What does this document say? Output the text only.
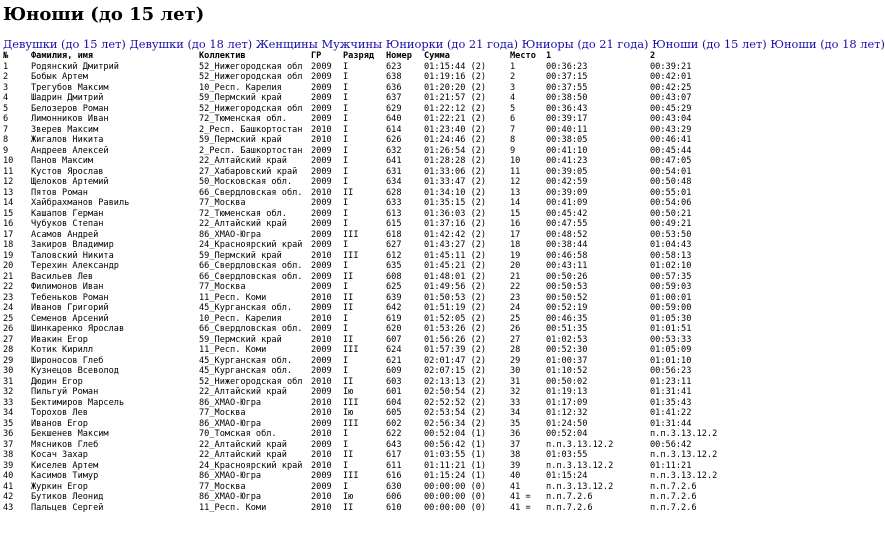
Юноши (до 15 лет)
Девушки (до 15 лет) Девушки (до 18 лет) Женщины Мужчины Юниорки (до 21 года) Юниоры (до 21 года) Юноши (до 15 лет) Юноши (до 18 лет)
№	Фамилия, имя	Коллектив	ГР	Разряд	Номер	Сумма	Место	1	2
1	Родянский Дмитрий	52_Нижегородская обл 2009	I	623	01:15:44 (2)	1	00:36:23	00:39:21
2	Бобык Артем	52_Нижегородская обл 2009	I	638	01:19:16 (2)	2	00:37:15	00:42:01
3	Трегубов Максим	10_Респ. Карелия	2009	I	636	01:20:20 (2)	3	00:37:55	00:42:25
4	Шадрин Дмитрий	59_Пермский край	2009	I	637	01:21:57 (2)	4	00:38:50	00:43:07
5	Белозеров Роман	52_Нижегородская обл 2009	I	629	01:22:12 (2)	5	00:36:43	00:45:29
6	Лимонников Иван	72_Тюменская обл.	2009	I	640	01:22:21 (2)	6	00:39:17	00:43:04
7	Зверев Максим	2_Респ. Башкортостан 2010	I	614	01:23:40 (2)	7	00:40:11	00:43:29
8	Жигалов Никита	59_Пермский край	2010	I	626	01:24:46 (2)	8	00:38:05	00:46:41
9	Андреев Алексей	2_Респ. Башкортостан 2009	I	632	01:26:54 (2)	9	00:41:10	00:45:44
10	Панов Максим	22_Алтайский край	2009	I	641	01:28:28 (2)	10	00:41:23	00:47:05
11	Кустов Ярослав	27_Хабаровский край	2009	I	631	01:33:06 (2)	11	00:39:05	00:54:01
12	Щелоков Артемий	50_Московская обл.	2009	I	634	01:33:47 (2)	12	00:42:59	00:50:48
13	Пятов Роман	66_Свердловская обл. 2010	II	628	01:34:10 (2)	13	00:39:09	00:55:01
14	Хайбрахманов Равиль	77_Москва	2009	I	633	01:35:15 (2)	14	00:41:09	00:54:06
15	Кашапов Герман	72_Тюменская обл.	2009	I	613	01:36:03 (2)	15	00:45:42	00:50:21
16	Чубуков Степан	22_Алтайский край	2009	I	615	01:37:16 (2)	16	00:47:55	00:49:21
17	Асамов Андрей	86_ХМАО-Югра	2009	III	618	01:42:42 (2)	17	00:48:52	00:53:50
18	Закиров Владимир	24_Красноярский край 2009	I	627	01:43:27 (2)	18	00:38:44	01:04:43
19	Таловский Никита	59_Пермский край	2010	III	612	01:45:11 (2)	19	00:46:58	00:58:13
20	Терехин Александр	66_Свердловская обл. 2009	I	635	01:45:21 (2)	20	00:43:11	01:02:10
21	Васильев Лев	66_Свердловская обл. 2009	II	608	01:48:01 (2)	21	00:50:26	00:57:35
22	Филимонов Иван	77_Москва	2009	I	625	01:49:56 (2)	22	00:50:53	00:59:03
23	Тебеньков Роман	11_Респ. Коми	2010	II	639	01:50:53 (2)	23	00:50:52	01:00:01
24	Иванов Григорий	45_Курганская обл.	2009	II	642	01:51:19 (2)	24	00:52:19	00:59:00
25	Семенов Арсений	10_Респ. Карелия	2010	I	619	01:52:05 (2)	25	00:46:35	01:05:30
26	Шинкаренко Ярослав	66_Свердловская обл. 2009	I	620	01:53:26 (2)	26	00:51:35	01:01:51
27	Ивакин Егор	59_Пермский край	2010	II	607	01:56:26 (2)	27	01:02:53	00:53:33
28	Котик Кирилл	11_Респ. Коми	2009	III	624	01:57:39 (2)	28	00:52:30	01:05:09
29	Широносов Глеб	45_Курганская обл.	2009	I	621	02:01:47 (2)	29	01:00:37	01:01:10
30	Кузнецов Всеволод	45_Курганская обл.	2009	I	609	02:07:15 (2)	30	01:10:52	00:56:23
31	Дюдин Егор	52_Нижегородская обл 2010	II	603	02:13:13 (2)	31	00:50:02	01:23:11
32	Пильгуй Роман	22_Алтайский край	2009	Iю	601	02:50:54 (2)	32	01:19:13	01:31:41
33	Бектимиров Марсель	86_ХМАО-Югра	2010	III	604	02:52:52 (2)	33	01:17:09	01:35:43
34	Торохов Лев	77_Москва	2010	Iю	605	02:53:54 (2)	34	01:12:32	01:41:22
35	Иванов Егор	86_ХМАО-Югра	2009	III	602	02:56:34 (2)	35	01:24:50	01:31:44
36	Бекшенев Максим	70_Томская обл.	2010	I	622	00:52:04 (1)	36	00:52:04	п.п.3.13.12.2
37	Мясников Глеб	22_Алтайский край	2009	I	643	00:56:42 (1)	37	п.п.3.13.12.2	00:56:42
38	Косач Захар	22_Алтайский край	2010	II	617	01:03:55 (1)	38	01:03:55	п.п.3.13.12.2
39	Киселев Артем	24_Красноярский край 2010	I	611	01:11:21 (1)	39	п.п.3.13.12.2	01:11:21
40	Касимов Тимур	86_ХМАО-Югра	2009	III	616	01:15:24 (1)	40	01:15:24	п.п.3.13.12.2
41	Журкин Егор	77_Москва	2009	I	630	00:00:00 (0)	41	п.п.3.13.12.2	п.п.7.2.6
42	Бутиков Леонид	86_ХМАО-Югра	2010	Iю	606	00:00:00 (0)	41 =	п.п.7.2.6	п.п.7.2.6
43	Пальцев Сергей	11_Респ. Коми	2010	II	610	00:00:00 (0)	41 =	п.п.7.2.6	п.п.7.2.6
